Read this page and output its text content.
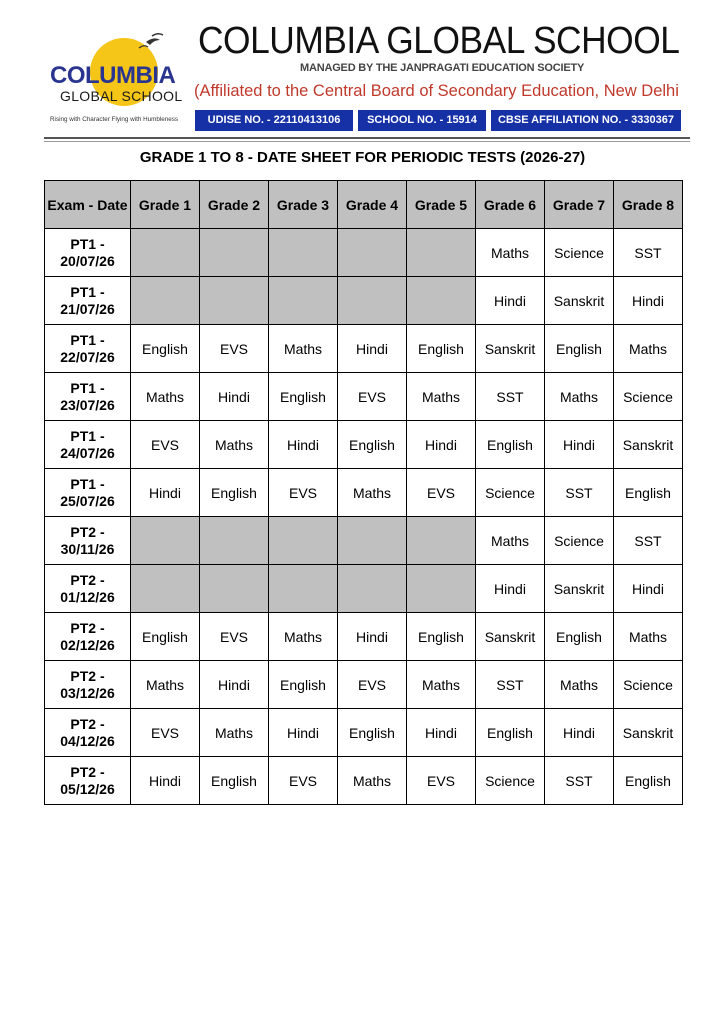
COLUMBIA
GLOBAL SCHOOL
Rising with Character Flying with Humbleness
COLUMBIA GLOBAL SCHOOL
MANAGED BY THE JANPRAGATI EDUCATION SOCIETY
(Affiliated to the Central Board of Secondary Education, New Delhi
UDISE NO. - 22110413106	SCHOOL NO. - 15914	CBSE AFFILIATION NO. - 3330367
GRADE 1 TO 8 - DATE SHEET FOR PERIODIC TESTS (2026-27)
Exam - Date	Grade 1	Grade 2	Grade 3	Grade 4	Grade 5	Grade 6	Grade 7	Grade 8
PT1 - 20/07/26						Maths	Science	SST
PT1 - 21/07/26						Hindi	Sanskrit	Hindi
PT1 - 22/07/26	English	EVS	Maths	Hindi	English	Sanskrit	English	Maths
PT1 - 23/07/26	Maths	Hindi	English	EVS	Maths	SST	Maths	Science
PT1 - 24/07/26	EVS	Maths	Hindi	English	Hindi	English	Hindi	Sanskrit
PT1 - 25/07/26	Hindi	English	EVS	Maths	EVS	Science	SST	English
PT2 - 30/11/26						Maths	Science	SST
PT2 - 01/12/26						Hindi	Sanskrit	Hindi
PT2 - 02/12/26	English	EVS	Maths	Hindi	English	Sanskrit	English	Maths
PT2 - 03/12/26	Maths	Hindi	English	EVS	Maths	SST	Maths	Science
PT2 - 04/12/26	EVS	Maths	Hindi	English	Hindi	English	Hindi	Sanskrit
PT2 - 05/12/26	Hindi	English	EVS	Maths	EVS	Science	SST	English
